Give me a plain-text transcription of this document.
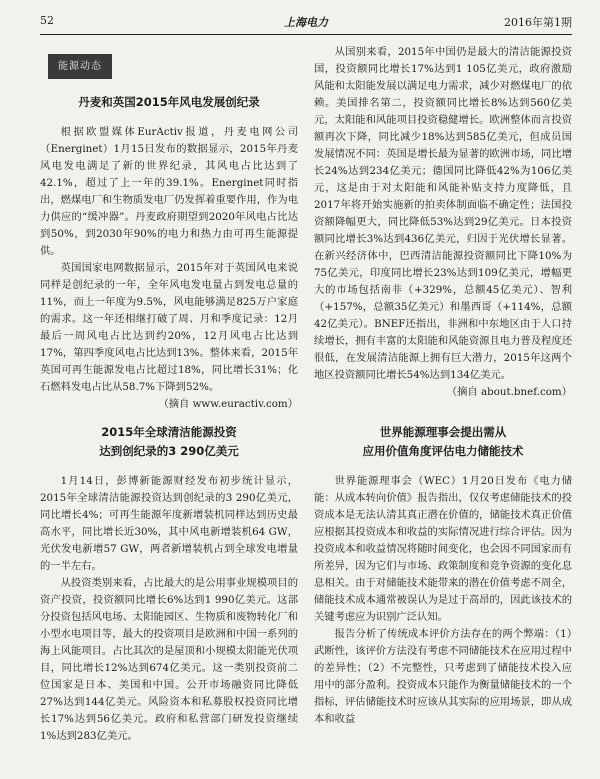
52	上海电力	2016年第1期
能源动态
丹麦和英国2015年风电发展创纪录

根据欧盟媒体EurActiv报道，丹麦电网公司（Energinet）1月15日发布的数据显示，2015年丹麦风电发电满足了新的世界纪录，其风电占比达到了42.1%，超过了上一年的39.1%。Energinet同时指出，燃煤电厂和生物质发电厂仍发挥着重要作用，作为电力供应的“缓冲器”。丹麦政府期望到2020年风电占比达到50%，到2030年90%的电力和热力由可再生能源提供。

英国国家电网数据显示，2015年对于英国风电来说同样是创纪录的一年，全年风电发电量占到发电总量的11%，而上一年度为9.5%，风电能够满足825万户家庭的需求。这一年还相继打破了周、月和季度记录：12月最后一周风电占比达到约20%，12月风电占比达到17%，第四季度风电占比达到13%。整体来看，2015年英国可再生能源发电占比超过18%，同比增长31%；化石燃料发电占比从58.7%下降到52%。

（摘自 www.euractiv.com）

2015年全球清洁能源投资
达到创纪录的3 290亿美元

1月14日，彭博新能源财经发布初步统计显示，2015年全球清洁能源投资达到创纪录的3 290亿美元，同比增长4%；可再生能源年度新增装机同样达到历史最高水平，同比增长近30%，其中风电新增装机64 GW，光伏发电新增57 GW，两者新增装机占到全球发电增量的一半左右。

从投资类别来看，占比最大的是公用事业规模项目的资产投资，投资额同比增长6%达到1 990亿美元。这部分投资包括风电场、太阳能园区、生物质和废物转化厂和小型水电项目等，最大的投资项目是欧洲和中国一系列的海上风能项目。占比其次的是屋顶和小规模太阳能光伏项目，同比增长12%达到674亿美元。这一类别投资前二位国家是日本、美国和中国。公开市场融资同比降低27%达到144亿美元。风险资本和私募股权投资同比增长17%达到56亿美元。政府和私营部门研发投资继续1%达到283亿美元。

从国别来看，2015年中国仍是最大的清洁能源投资国，投资额同比增长17%达到1 105亿美元，政府激励风能和太阳能发展以满足电力需求，减少对燃煤电厂的依赖。美国排名第二，投资额同比增长8%达到560亿美元，太阳能和风能项目投资稳健增长。欧洲整体而言投资额再次下降，同比减少18%达到585亿美元，但成员国发展情况不同：英国是增长最为显著的欧洲市场，同比增长24%达到234亿美元；德国同比降低42%为106亿美元，这是由于对太阳能和风能补贴支持力度降低，且2017年将开始实施新的拍卖体制面临不确定性；法国投资额降幅更大，同比降低53%达到29亿美元。日本投资额同比增长3%达到436亿美元，归因于光伏增长显著。在新兴经济体中，巴西清洁能源投资额同比下降10%为75亿美元，印度同比增长23%达到109亿美元，增幅更大的市场包括南非（+329%，总额45亿美元）、智利（+157%，总额35亿美元）和墨西哥（+114%，总额42亿美元）。BNEF还指出，非洲和中东地区由于人口持续增长，拥有丰富的太阳能和风能资源且电力普及程度还很低，在发展清洁能源上拥有巨大潜力，2015年这两个地区投资额同比增长54%达到134亿美元。

（摘自 about.bnef.com）

世界能源理事会提出需从
应用价值角度评估电力储能技术

世界能源理事会（WEC）1月20日发布《电力储能：从成本转向价值》报告指出，仅仅考虑储能技术的投资成本是无法认清其真正潜在价值的，储能技术真正价值应根据其投资成本和收益的实际情况进行综合评估。因为投资成本和收益情况将随时间变化，也会因不同国家而有所差异，因为它们与市场、政策制度和竞争资源的变化息息相关。由于对储能技术能带来的潜在价值考虑不周全，储能技术成本通常被误认为是过于高昂的，因此该技术的关键考虑应为识别广泛认知。

报告分析了传统成本评价方法存在的两个弊端：（1）武断性，该评价方法没有考虑不同储能技术在应用过程中的差异性；（2）不完整性，只考虑到了储能技术投入应用中的部分盈利。投资成本只能作为衡量储能技术的一个指标，评估储能技术时应该从其实际的应用场景，即从成本和收益
